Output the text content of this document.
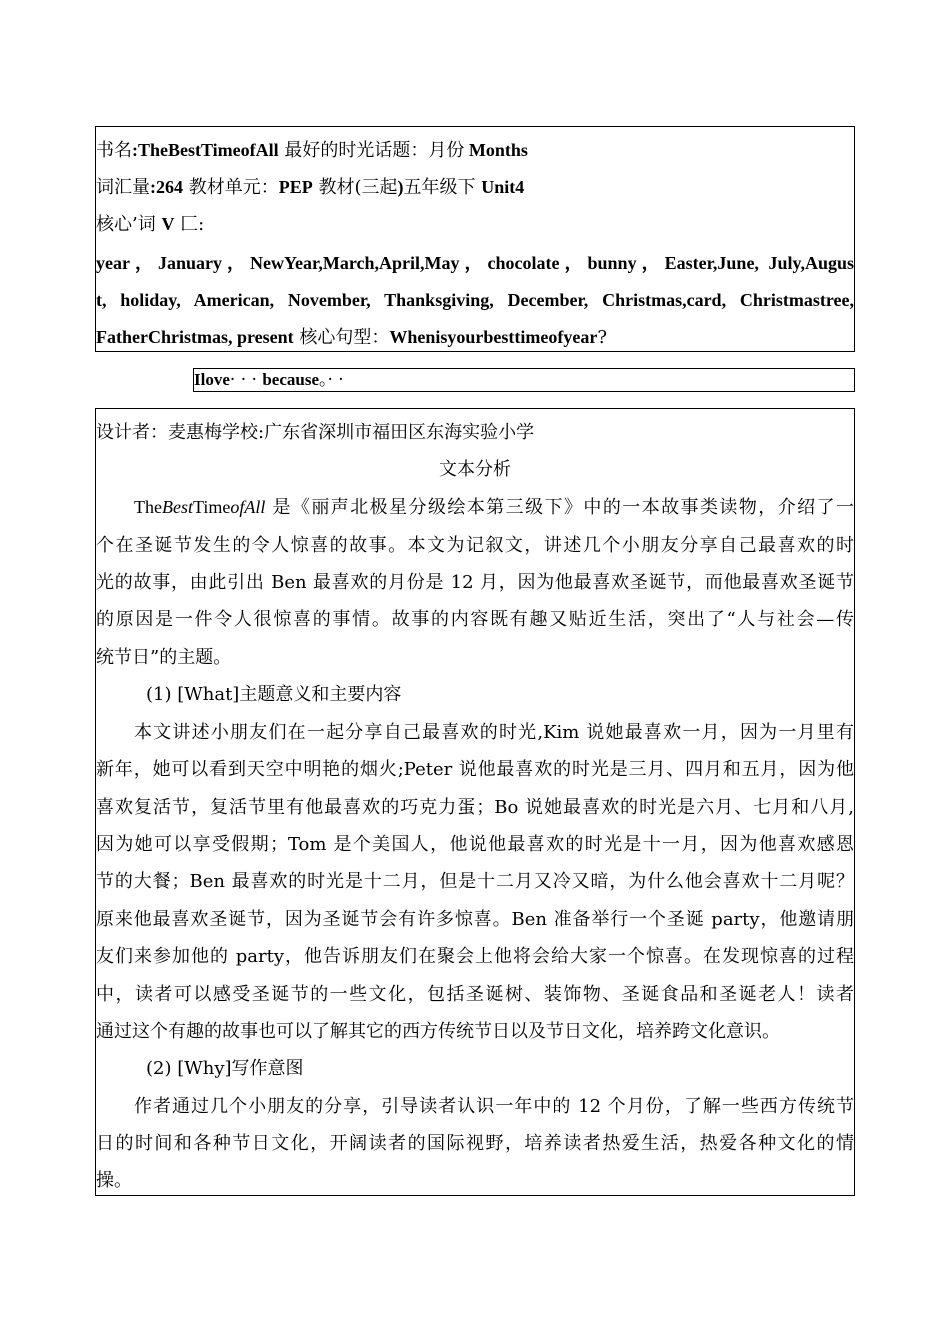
书名:TheBestTimeofAll 最好的时光话题：月份 Months
词汇量:264 教材单元：PEP 教材(三起)五年级下 Unit4
核心’词 V 匚:
year，January，NewYear,March,April,May，chocolate，bunny，Easter,June, July,Augus
t, holiday, American, November, Thanksgiving, December, Christmas,card, Christmastree,
FatherChristmas, present 核心句型：Whenisyourbesttimeofyear?
Ilove· · · because。· ·
设计者：麦惠梅学校:广东省深圳市福田区东海实验小学
文本分析
TheBestTimeofAll 是《丽声北极星分级绘本第三级下》中的一本故事类读物，介绍了一
个在圣诞节发生的令人惊喜的故事。本文为记叙文，讲述几个小朋友分享自己最喜欢的时
光的故事，由此引出 Ben 最喜欢的月份是 12 月，因为他最喜欢圣诞节，而他最喜欢圣诞节
的原因是一件令人很惊喜的事情。故事的内容既有趣又贴近生活，突出了“人与社会—传
统节日”的主题。
(1) [What]主题意义和主要内容
本文讲述小朋友们在一起分享自己最喜欢的时光,Kim 说她最喜欢一月，因为一月里有
新年，她可以看到天空中明艳的烟火;Peter 说他最喜欢的时光是三月、四月和五月，因为他
喜欢复活节，复活节里有他最喜欢的巧克力蛋；Bo 说她最喜欢的时光是六月、七月和八月,
因为她可以享受假期；Tom 是个美国人，他说他最喜欢的时光是十一月，因为他喜欢感恩
节的大餐；Ben 最喜欢的时光是十二月，但是十二月又冷又暗，为什么他会喜欢十二月呢？
原来他最喜欢圣诞节，因为圣诞节会有许多惊喜。Ben 准备举行一个圣诞 party，他邀请朋
友们来参加他的 party，他告诉朋友们在聚会上他将会给大家一个惊喜。在发现惊喜的过程
中，读者可以感受圣诞节的一些文化，包括圣诞树、装饰物、圣诞食品和圣诞老人！读者
通过这个有趣的故事也可以了解其它的西方传统节日以及节日文化，培养跨文化意识。
(2) [Why]写作意图
作者通过几个小朋友的分享，引导读者认识一年中的 12 个月份，了解一些西方传统节
日的时间和各种节日文化，开阔读者的国际视野，培养读者热爱生活，热爱各种文化的情
操。
